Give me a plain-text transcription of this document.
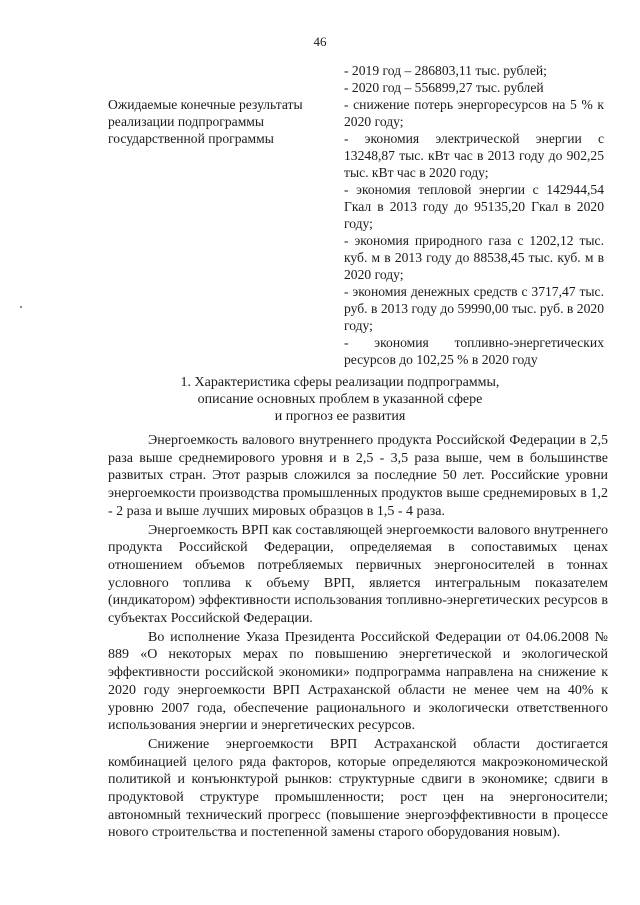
46
Ожидаемые конечные результаты реализации подпрограммы государственной программы
- 2019 год – 286803,11 тыс. рублей;
- 2020 год – 556899,27 тыс. рублей

- снижение потерь энергоресурсов на 5 % к 2020 году;

- экономия электрической энергии с 13248,87 тыс. кВт час в 2013 году до 902,25 тыс. кВт час в 2020 году;

- экономия тепловой энергии с 142944,54 Гкал в 2013 году до 95135,20 Гкал в 2020 году;

- экономия природного газа с 1202,12 тыс. куб. м в 2013 году до 88538,45 тыс. куб. м в 2020 году;

- экономия денежных средств с 3717,47 тыс. руб. в 2013 году до 59990,00 тыс. руб. в 2020 году;

- экономия топливно-энергетических ресурсов до 102,25 % в 2020 году

1. Характеристика сферы реализации подпрограммы,
описание основных проблем в указанной сфере
и прогноз ее развития

Энергоемкость валового внутреннего продукта Российской Федерации в 2,5 раза выше среднемирового уровня и в 2,5 - 3,5 раза выше, чем в большинстве развитых стран. Этот разрыв сложился за последние 50 лет. Российские уровни энергоемкости производства промышленных продуктов выше среднемировых в 1,2 - 2 раза и выше лучших мировых образцов в 1,5 - 4 раза.

Энергоемкость ВРП как составляющей энергоемкости валового внутреннего продукта Российской Федерации, определяемая в сопоставимых ценах отношением объемов потребляемых первичных энергоносителей в тоннах условного топлива к объему ВРП, является интегральным показателем (индикатором) эффективности использования топливно-энергетических ресурсов в субъектах Российской Федерации.

Во исполнение Указа Президента Российской Федерации от 04.06.2008 № 889 «О некоторых мерах по повышению энергетической и экологической эффективности российской экономики» подпрограмма направлена на снижение к 2020 году энергоемкости ВРП Астраханской области не менее чем на 40% к уровню 2007 года, обеспечение рационального и экологически ответственного использования энергии и энергетических ресурсов.

Снижение энергоемкости ВРП Астраханской области достигается комбинацией целого ряда факторов, которые определяются макроэкономической политикой и конъюнктурой рынков: структурные сдвиги в экономике; сдвиги в продуктовой структуре промышленности; рост цен на энергоносители; автономный технический прогресс (повышение энергоэффективности в процессе нового строительства и постепенной замены старого оборудования новым).
